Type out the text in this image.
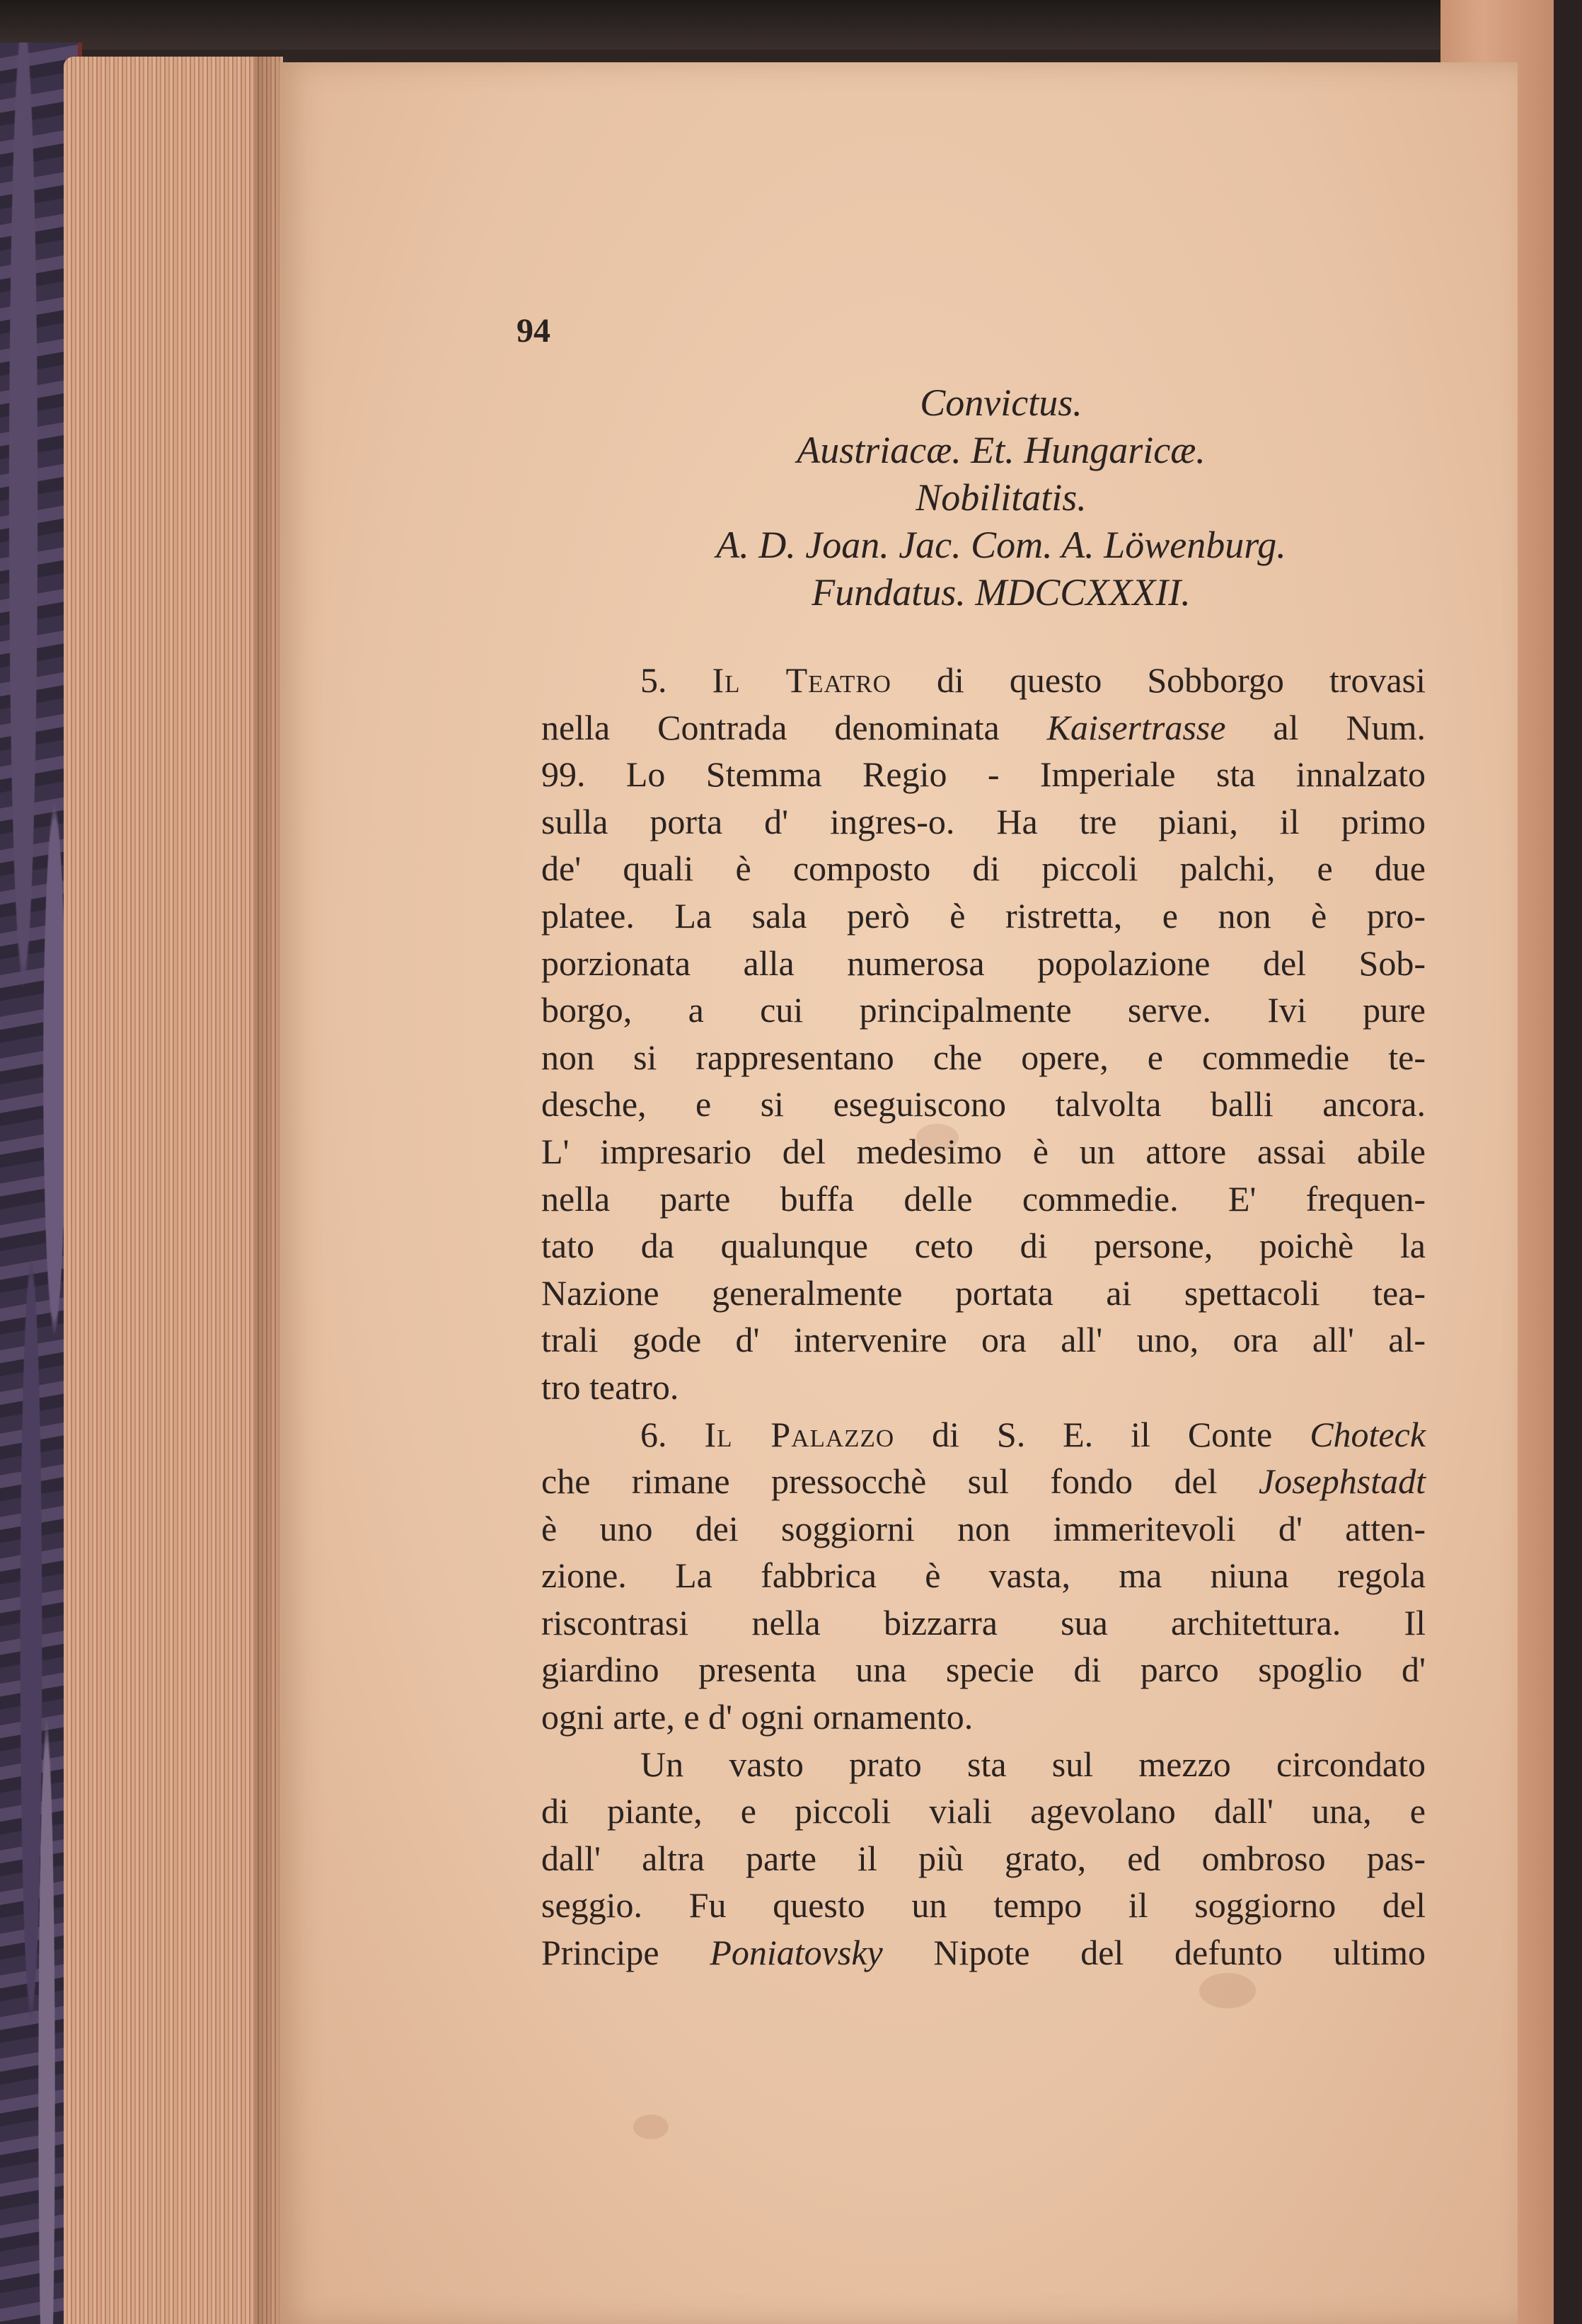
94
Convictus.
Austriacæ. Et. Hungaricæ.
Nobilitatis.
A. D. Joan. Jac. Com. A. Löwenburg.
Fundatus. MDCCXXXII.
5. Il Teatro di questo Sobborgo trovasi
nella Contrada denominata Kaisertrasse al Num.
99. Lo Stemma Regio - Imperiale sta innalzato
sulla porta d' ingres-o. Ha tre piani, il primo
de' quali è composto di piccoli palchi, e due
platee. La sala però è ristretta, e non è pro-
porzionata alla numerosa popolazione del Sob-
borgo, a cui principalmente serve. Ivi pure
non si rappresentano che opere, e commedie te-
desche, e si eseguiscono talvolta balli ancora.
L' impresario del medesimo è un attore assai abile
nella parte buffa delle commedie. E' frequen-
tato da qualunque ceto di persone, poichè la
Nazione generalmente portata ai spettacoli tea-
trali gode d' intervenire ora all' uno, ora all' al-
tro teatro.
6. Il Palazzo di S. E. il Conte Choteck
che rimane pressocchè sul fondo del Josephstadt
è uno dei soggiorni non immeritevoli d' atten-
zione. La fabbrica è vasta, ma niuna regola
riscontrasi nella bizzarra sua architettura. Il
giardino presenta una specie di parco spoglio d'
ogni arte, e d' ogni ornamento.
Un vasto prato sta sul mezzo circondato
di piante, e piccoli viali agevolano dall' una, e
dall' altra parte il più grato, ed ombroso pas-
seggio. Fu questo un tempo il soggiorno del
Principe Poniatovsky Nipote del defunto ultimo
